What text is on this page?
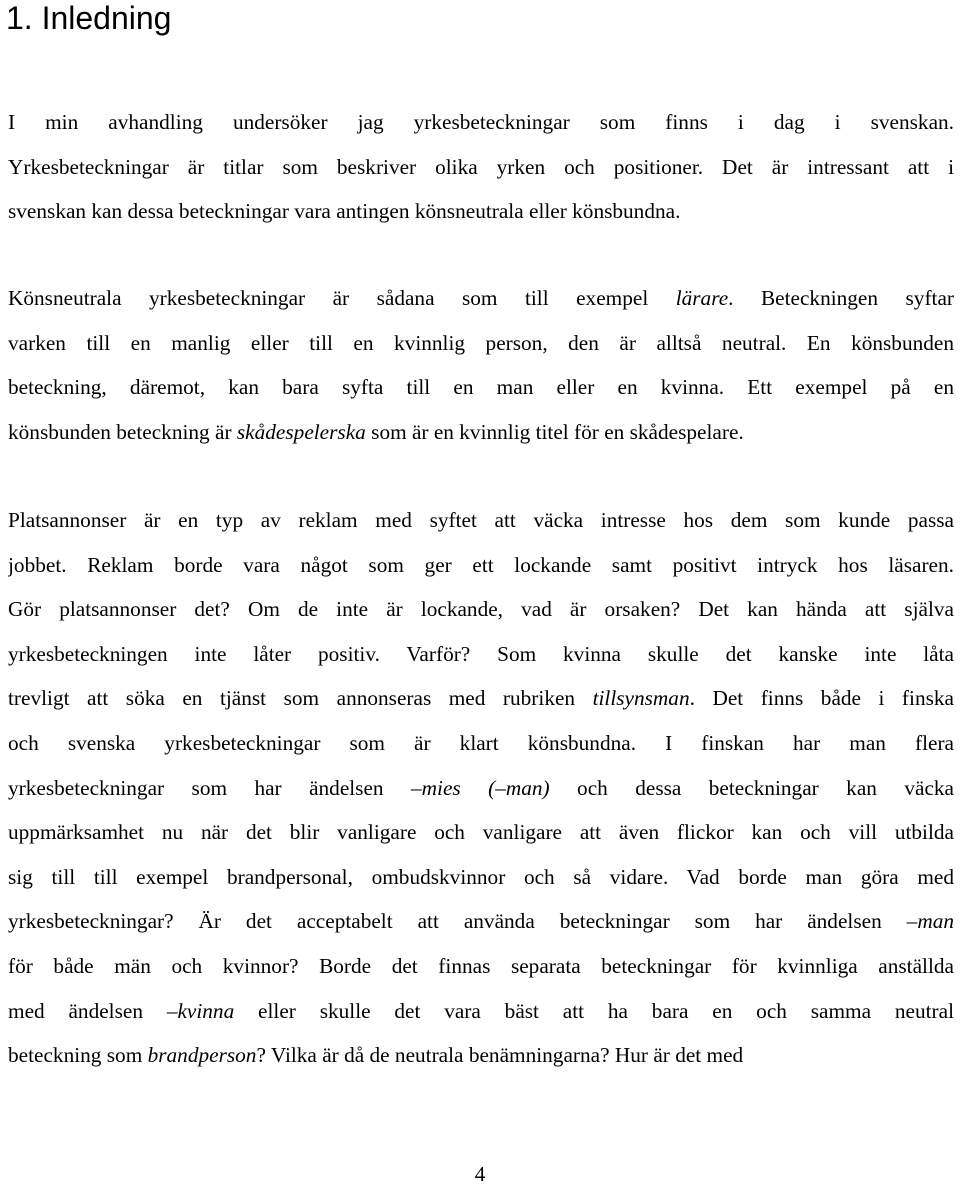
1. Inledning
I min avhandling undersöker jag yrkesbeteckningar som finns i dag i svenskan.
Yrkesbeteckningar är titlar som beskriver olika yrken och positioner. Det är intressant att i
svenskan kan dessa beteckningar vara antingen könsneutrala eller könsbundna.
Könsneutrala yrkesbeteckningar är sådana som till exempel lärare. Beteckningen syftar
varken till en manlig eller till en kvinnlig person, den är alltså neutral. En könsbunden
beteckning, däremot, kan bara syfta till en man eller en kvinna. Ett exempel på en
könsbunden beteckning är skådespelerska som är en kvinnlig titel för en skådespelare.
Platsannonser är en typ av reklam med syftet att väcka intresse hos dem som kunde passa
jobbet. Reklam borde vara något som ger ett lockande samt positivt intryck hos läsaren.
Gör platsannonser det? Om de inte är lockande, vad är orsaken? Det kan hända att själva
yrkesbeteckningen inte låter positiv. Varför? Som kvinna skulle det kanske inte låta
trevligt att söka en tjänst som annonseras med rubriken tillsynsman. Det finns både i finska
och svenska yrkesbeteckningar som är klart könsbundna. I finskan har man flera
yrkesbeteckningar som har ändelsen –mies (–man) och dessa beteckningar kan väcka
uppmärksamhet nu när det blir vanligare och vanligare att även flickor kan och vill utbilda
sig till till exempel brandpersonal, ombudskvinnor och så vidare. Vad borde man göra med
yrkesbeteckningar? Är det acceptabelt att använda beteckningar som har ändelsen –man
för både män och kvinnor? Borde det finnas separata beteckningar för kvinnliga anställda
med ändelsen –kvinna eller skulle det vara bäst att ha bara en och samma neutral
beteckning som brandperson? Vilka är då de neutrala benämningarna? Hur är det med
4
